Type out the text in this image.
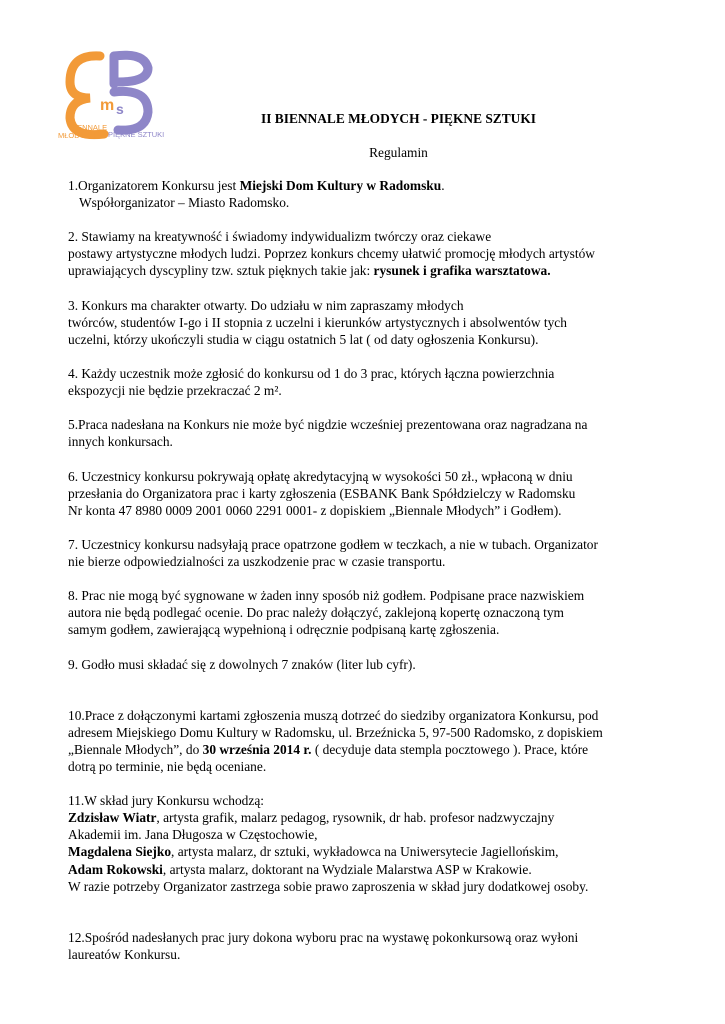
m s
BIENNALE
MŁODYCH	PIĘKNE SZTUKI
II BIENNALE MŁODYCH - PIĘKNE SZTUKI
Regulamin
1.Organizatorem Konkursu jest Miejski Dom Kultury w Radomsku.
Współorganizator – Miasto Radomsko.
2. Stawiamy na kreatywność i świadomy indywidualizm twórczy oraz ciekawe
postawy artystyczne młodych ludzi. Poprzez konkurs chcemy ułatwić promocję młodych artystów
uprawiających dyscypliny tzw. sztuk pięknych takie jak: rysunek i grafika warsztatowa.
3. Konkurs ma charakter otwarty. Do udziału w nim zapraszamy młodych
twórców, studentów I-go i II stopnia z uczelni i kierunków artystycznych i absolwentów tych
uczelni, którzy ukończyli studia w ciągu ostatnich 5 lat ( od daty ogłoszenia Konkursu).
4. Każdy uczestnik może zgłosić do konkursu od 1 do 3 prac, których łączna powierzchnia
ekspozycji nie będzie przekraczać 2 m².
5.Praca nadesłana na Konkurs nie może być nigdzie wcześniej prezentowana oraz nagradzana na
innych konkursach.
6. Uczestnicy konkursu pokrywają opłatę akredytacyjną w wysokości 50 zł., wpłaconą w dniu
przesłania do Organizatora prac i karty zgłoszenia (ESBANK Bank Spółdzielczy w Radomsku
Nr konta 47 8980 0009 2001 0060 2291 0001- z dopiskiem „Biennale Młodych” i Godłem).
7. Uczestnicy konkursu nadsyłają prace opatrzone godłem w teczkach, a nie w tubach. Organizator
nie bierze odpowiedzialności za uszkodzenie prac w czasie transportu.
8. Prac nie mogą być sygnowane w żaden inny sposób niż godłem. Podpisane prace nazwiskiem
autora nie będą podlegać ocenie. Do prac należy dołączyć, zaklejoną kopertę oznaczoną tym
samym godłem, zawierającą wypełnioną i odręcznie podpisaną kartę zgłoszenia.
9. Godło musi składać się z dowolnych 7 znaków (liter lub cyfr).
10.Prace z dołączonymi kartami zgłoszenia muszą dotrzeć do siedziby organizatora Konkursu, pod
adresem Miejskiego Domu Kultury w Radomsku, ul. Brzeźnicka 5, 97-500 Radomsko, z dopiskiem
„Biennale Młodych”, do 30 września 2014 r. ( decyduje data stempla pocztowego ). Prace, które
dotrą po terminie, nie będą oceniane.
11.W skład jury Konkursu wchodzą:
Zdzisław Wiatr, artysta grafik, malarz pedagog, rysownik, dr hab. profesor nadzwyczajny
Akademii im. Jana Długosza w Częstochowie,
Magdalena Siejko, artysta malarz, dr sztuki, wykładowca na Uniwersytecie Jagiellońskim,
Adam Rokowski, artysta malarz, doktorant na Wydziale Malarstwa ASP w Krakowie.
W razie potrzeby Organizator zastrzega sobie prawo zaproszenia w skład jury dodatkowej osoby.
12.Spośród nadesłanych prac jury dokona wyboru prac na wystawę pokonkursową oraz wyłoni
laureatów Konkursu.
